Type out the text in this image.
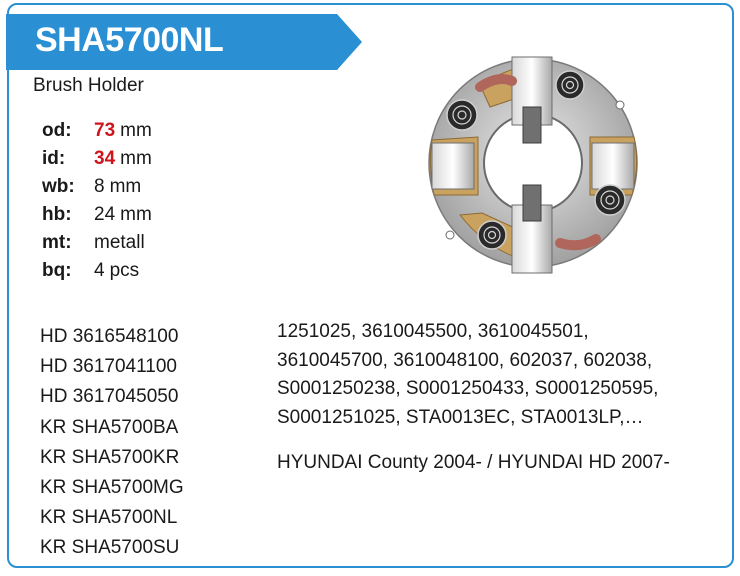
SHA5700NL
Brush Holder
od: 73 mm
id: 34 mm
wb: 8 mm
hb: 24 mm
mt: metall
bq: 4 pcs
HD 3616548100
HD 3617041100
HD 3617045050
KR SHA5700BA
KR SHA5700KR
KR SHA5700MG
KR SHA5700NL
KR SHA5700SU
1251025, 3610045500, 3610045501,
3610045700, 3610048100, 602037, 602038,
S0001250238, S0001250433, S0001250595,
S0001251025, STA0013EC, STA0013LP,…
HYUNDAI County 2004- / HYUNDAI HD 2007-
